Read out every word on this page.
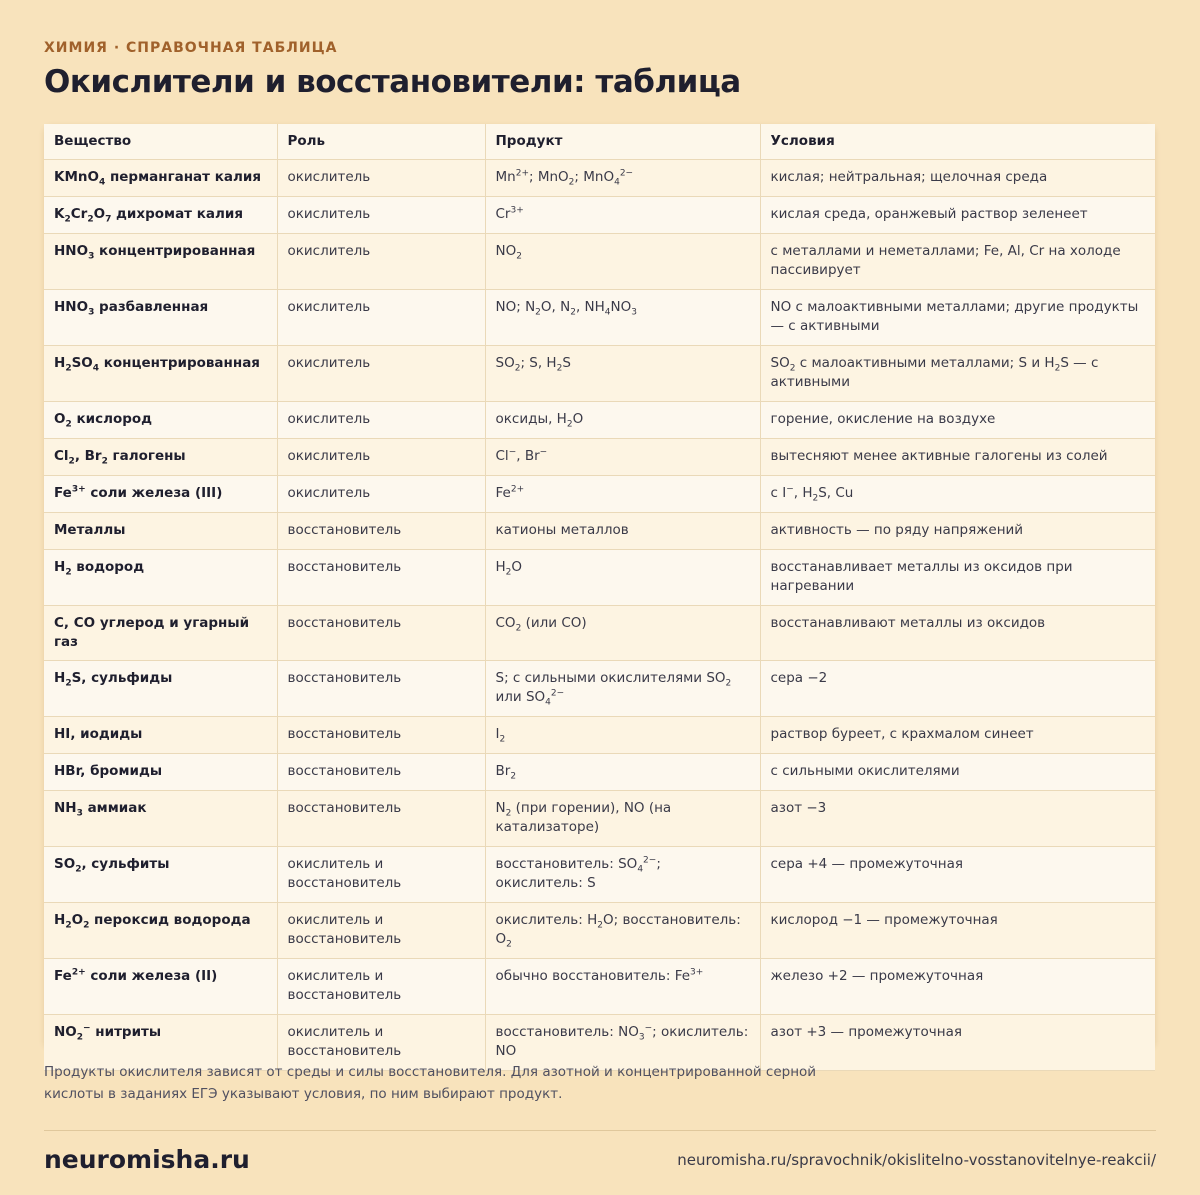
ХИМИЯ · СПРАВОЧНАЯ ТАБЛИЦА
Окислители и восстановители: таблица
Вещество	Роль	Продукт	Условия
KMnO$_4$ перманганат калия	окислитель	$Mn^{2+}$; MnO$_2$; MnO$_4^{2-}$	кислая; нейтральная; щелочная среда
$K_2Cr_2O_7$ дихромат калия	окислитель	$Cr^{3+}$	кислая среда, оранжевый раствор зеленеет
$HNO_3$ концентрированная	окислитель	$NO_2$	с металлами и неметаллами; Fe, Al, Cr на холоде пассивирует
$HNO_3$ разбавленная	окислитель	NO; $N_2O$, $N_2$, $NH_4NO_3$	NO с малоактивными металлами; другие продукты — с активными
$H_2SO_4$ концентрированная	окислитель	$SO_2$; S, $H_2S$	$SO_2$ с малоактивными металлами; S и $H_2S$ — с активными
$O_2$ кислород	окислитель	оксиды, $H_2O$	горение, окисление на воздухе
$Cl_2$, $Br_2$ галогены	окислитель	Cl−, Br−	вытесняют менее активные галогены из солей
$Fe^{3+}$ соли железа (III)	окислитель	$Fe^{2+}$	с I−, $H_2S$, Cu
Металлы	восстановитель	катионы металлов	активность — по ряду напряжений
$H_2$ водород	восстановитель	$H_2O$	восстанавливает металлы из оксидов при нагревании
C, CO углерод и угарный газ	восстановитель	$CO_2$ (или CO)	восстанавливают металлы из оксидов
$H_2S$, сульфиды	восстановитель	S; с сильными окислителями $SO_2$ или $SO_4^{2-}$	сера −2
HI, иодиды	восстановитель	$I_2$	раствор буреет, с крахмалом синеет
HBr, бромиды	восстановитель	$Br_2$	с сильными окислителями
$NH_3$ аммиак	восстановитель	$N_2$ (при горении), NO (на катализаторе)	азот −3
$SO_2$, сульфиты	окислитель и восстановитель	восстановитель: $SO_4^{2-}$; окислитель: S	сера +4 — промежуточная
$H_2O_2$ пероксид водорода	окислитель и восстановитель	окислитель: $H_2O$; восстановитель: $O_2$	кислород −1 — промежуточная
$Fe^{2+}$ соли железа (II)	окислитель и восстановитель	обычно восстановитель: $Fe^{3+}$	железо +2 — промежуточная
$NO_2^-$ нитриты	окислитель и восстановитель	восстановитель: $NO_3^-$; окислитель: NO	азот +3 — промежуточная

Продукты окислителя зависят от среды и силы восстановителя. Для азотной и концентрированной серной кислоты в заданиях ЕГЭ указывают условия, по ним выбирают продукт.

neuromisha.ru	neuromisha.ru/spravochnik/okislitelno-vosstanovitelnye-reakcii/
